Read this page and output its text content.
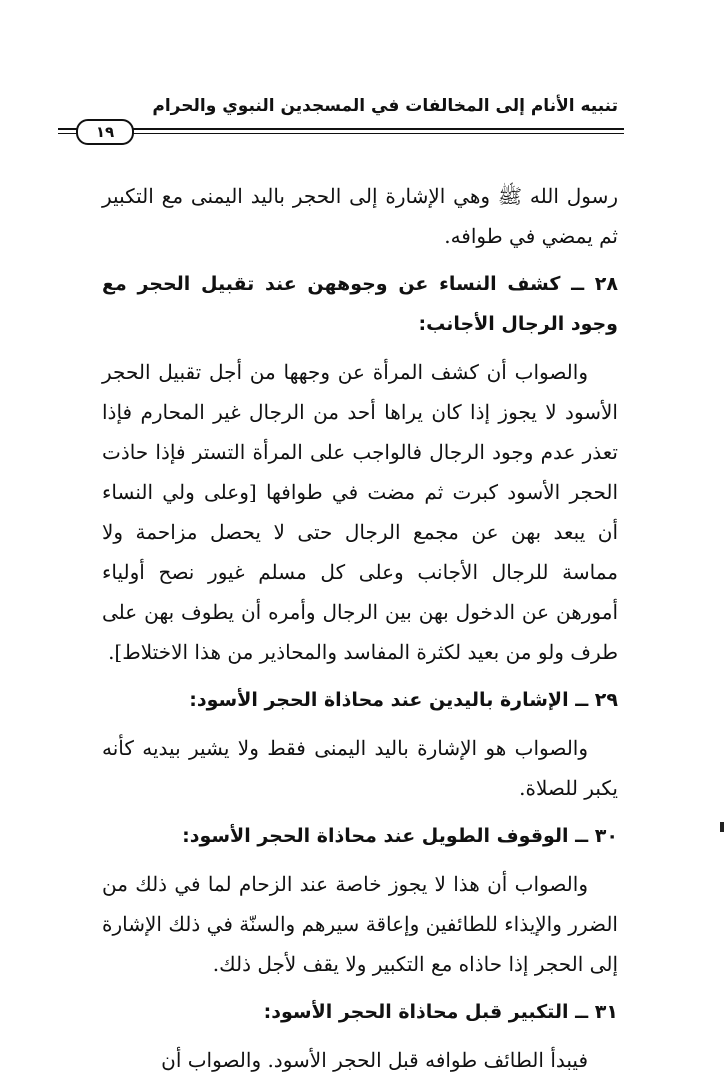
تنبيه الأنام إلى المخالفات في المسجدين النبوي والحرام
١٩

رسول الله ﷺ وهي الإشارة إلى الحجر باليد اليمنى مع التكبير ثم يمضي في طوافه.

٢٨ ــ كشف النساء عن وجوههن عند تقبيل الحجر مع وجود الرجال الأجانب:

والصواب أن كشف المرأة عن وجهها من أجل تقبيل الحجر الأسود لا يجوز إذا كان يراها أحد من الرجال غير المحارم فإذا تعذر عدم وجود الرجال فالواجب على المرأة التستر فإذا حاذت الحجر الأسود كبرت ثم مضت في طوافها [وعلى ولي النساء أن يبعد بهن عن مجمع الرجال حتى لا يحصل مزاحمة ولا مماسة للرجال الأجانب وعلى كل مسلم غيور نصح أولياء أمورهن عن الدخول بهن بين الرجال وأمره أن يطوف بهن على طرف ولو من بعيد لكثرة المفاسد والمحاذير من هذا الاختلاط].

٢٩ ــ الإشارة باليدين عند محاذاة الحجر الأسود:

والصواب هو الإشارة باليد اليمنى فقط ولا يشير بيديه كأنه يكبر للصلاة.

٣٠ ــ الوقوف الطويل عند محاذاة الحجر الأسود:

والصواب أن هذا لا يجوز خاصة عند الزحام لما في ذلك من الضرر والإيذاء للطائفين وإعاقة سيرهم والسنّة في ذلك الإشارة إلى الحجر إذا حاذاه مع التكبير ولا يقف لأجل ذلك.

٣١ ــ التكبير قبل محاذاة الحجر الأسود:

فيبدأ الطائف طوافه قبل الحجر الأسود. والصواب أن
